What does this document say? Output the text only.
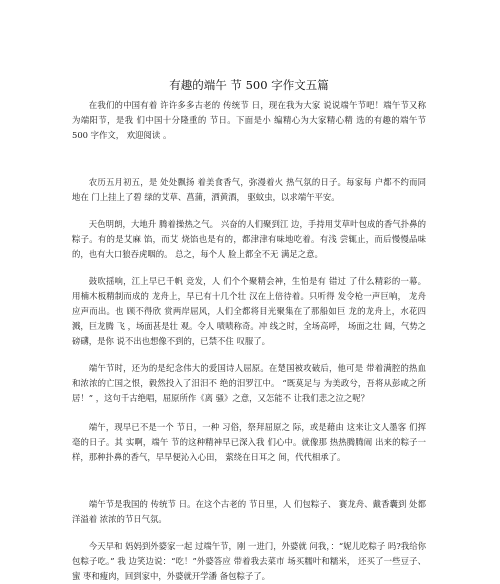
有趣的端午 节 500 字作文五篇

在我们的中国有着 许许多多古老的 传统节 日，现在我为大家 说说端午节吧！端午节又称为端阳节，是我 们中国十分隆重的 节日。下面是小 编精心为大家精心精 选的有趣的端午节 500 字作文， 欢迎阅读 。

农历五月初五，是 处处飘扬 着美食香气，弥漫着火 热气氛的日子。每家每 户都不约而同地在 门上挂上了碧 绿的艾草、菖蒲，洒黄酒， 驱蚊虫，以求端午平安。

天色明朗，大地升 腾着操热之气。 兴奋的人们聚到江 边，手持用艾草叶包成的香气扑鼻的粽子。有的是艾麻 馅，而艾 烧馅也是有的，都津津有味地吃着。有浅 尝辄止，而后慢慢品味的，也有大口狼吞虎咽的。 总之，每个人 脸上都全不无 满足之意。

鼓吹揺响，江上早已千帆 竞发，人 们个个聚精会神，生怕是有 错过 了什么精彩的一幕。用楠木板精制而成的 龙舟上，早已有十几个壮 汉在上倍待着。只听得 发令枪一声巨响， 龙舟应声而出。也 顾不得欣 赏两岸屈风，人们全都将目光聚集在了那船如巨 龙的龙舟上，水花四溅，巨龙腾 飞 ，场面甚是壮 观。令人 啧啧称奇。冲 线之时，全场高呼， 场面之壮 阔，气势之磅礴，是你 说不出也想像不到的，已禁不住 叹服了。

端午节时，还为的是纪念伟大的爱国诗人屈原。在楚国被攻破后，他可是 带着满腔的热血和浓浓的亡国之恨，毅然投入了汨汨不 绝的汨罗江中。 “既莫足与 为美政兮，吾将从彭咸之所居！” ，这句千古绝唱，屈原所作《离 骚》之意，又怎能不 让我们悲之泣之呢？

端午，现早已不是一个 节日，一种 习俗，祭拜屈原之 际，或是藉由 这来让文人墨客 们挥毫的日子。其 实啊，端午 节的这种精神早已深入我 们心中。就像那 热热腾腾闹 出来的粽子一样，那种扑鼻的香气，早早便沁入心田， 萦绕在日耳之 间，代代相承了。

端午节是我国的 传统节 日。在这个古老的 节日里，人 们包粽子、 赛龙舟、戴香囊到 处都洋溢着 浓浓的节日气氛。

今天早和 妈妈到外婆家一起 过端午节，刚 一进门，外婆就 问我，：“妮儿吃粽子 吗?我给你包粽子吃。” 我 边笑边说：“吃！”外婆答应 带着我去菜市 场买糯叶和糯米， 还买了一些豆子、蜜 枣和瘦肉，回到家中，外婆就开学潘 备包粽子了。
